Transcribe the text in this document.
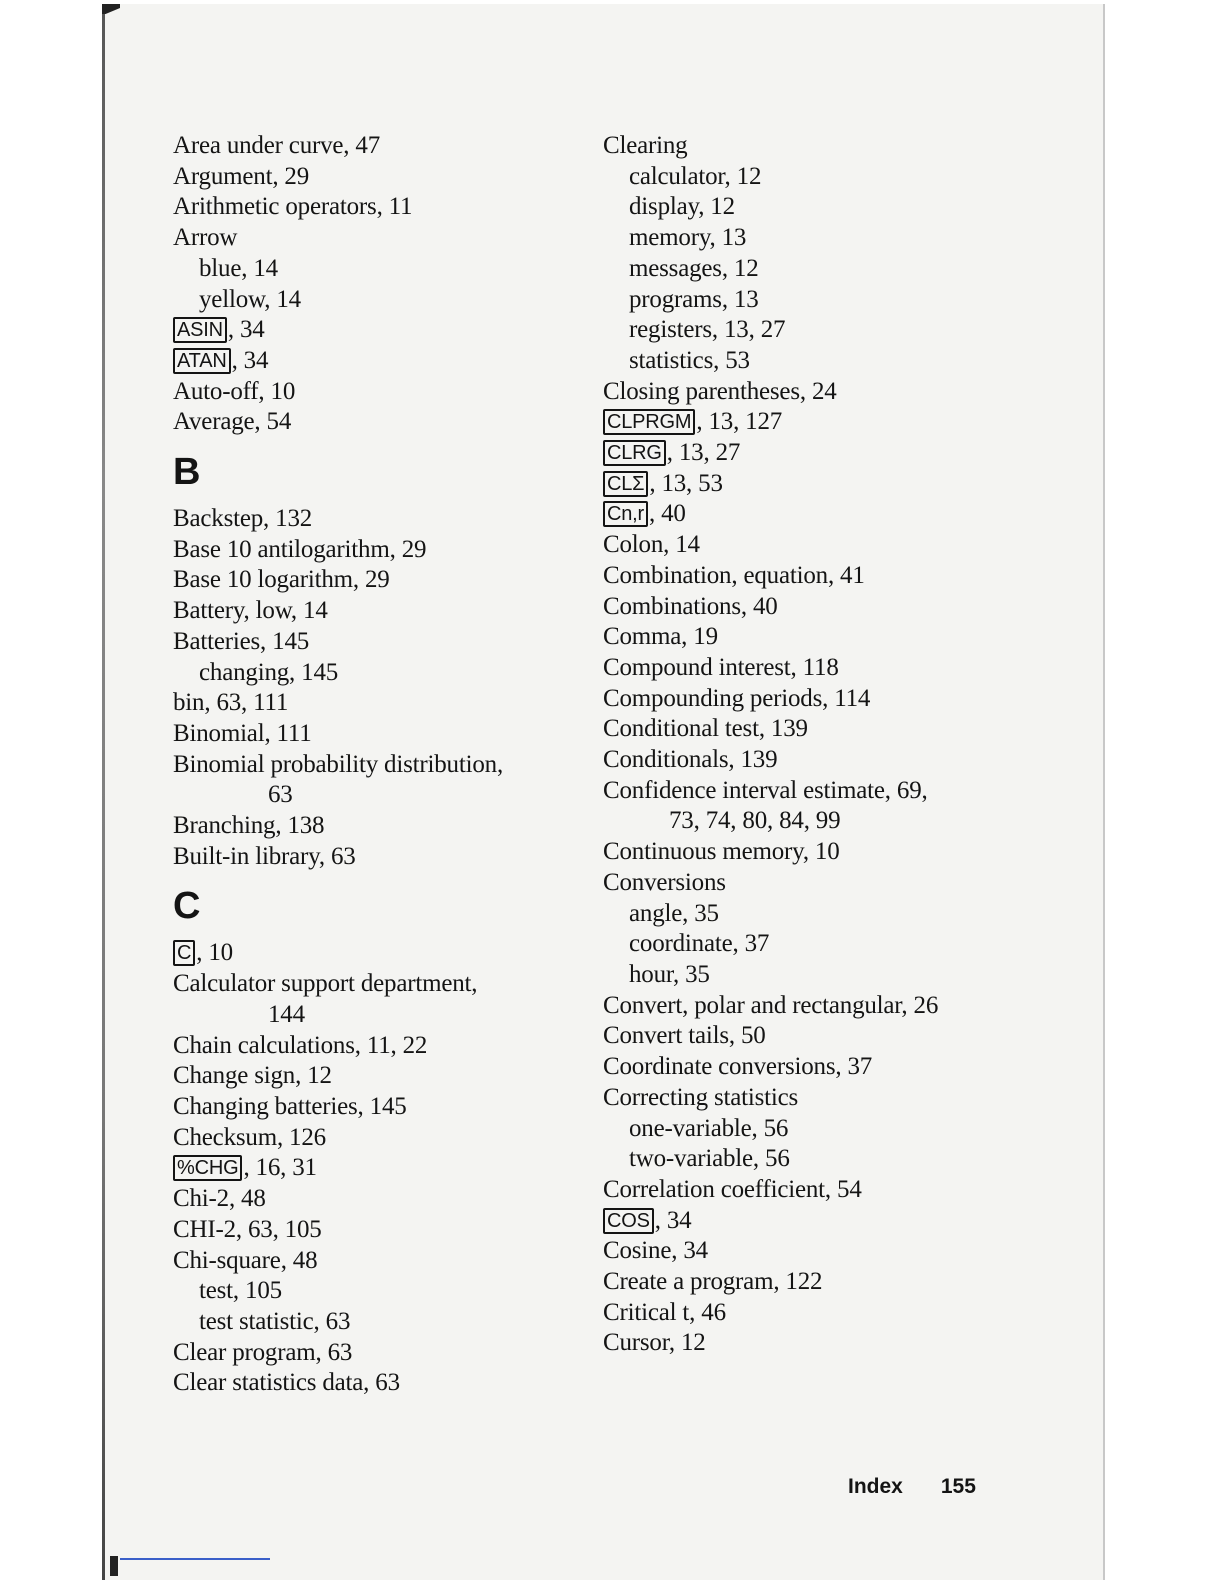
Area under curve, 47
Argument, 29
Arithmetic operators, 11
Arrow
blue, 14
yellow, 14
ASIN , 34
ATAN , 34
Auto-off, 10
Average, 54
B
Backstep, 132
Base 10 antilogarithm, 29
Base 10 logarithm, 29
Battery, low, 14
Batteries, 145
changing, 145
bin, 63, 111
Binomial, 111
Binomial probability distribution,
63
Branching, 138
Built-in library, 63
C
C , 10
Calculator support department,
144
Chain calculations, 11, 22
Change sign, 12
Changing batteries, 145
Checksum, 126
%CHG , 16, 31
Chi-2, 48
CHI-2, 63, 105
Chi-square, 48
test, 105
test statistic, 63
Clear program, 63
Clear statistics data, 63
Clearing
calculator, 12
display, 12
memory, 13
messages, 12
programs, 13
registers, 13, 27
statistics, 53
Closing parentheses, 24
CLPRGM , 13, 127
CLRG , 13, 27
CLΣ , 13, 53
Cn,r , 40
Colon, 14
Combination, equation, 41
Combinations, 40
Comma, 19
Compound interest, 118
Compounding periods, 114
Conditional test, 139
Conditionals, 139
Confidence interval estimate, 69,
73, 74, 80, 84, 99
Continuous memory, 10
Conversions
angle, 35
coordinate, 37
hour, 35
Convert, polar and rectangular, 26
Convert tails, 50
Coordinate conversions, 37
Correcting statistics
one-variable, 56
two-variable, 56
Correlation coefficient, 54
COS , 34
Cosine, 34
Create a program, 122
Critical t, 46
Cursor, 12
Index 155
